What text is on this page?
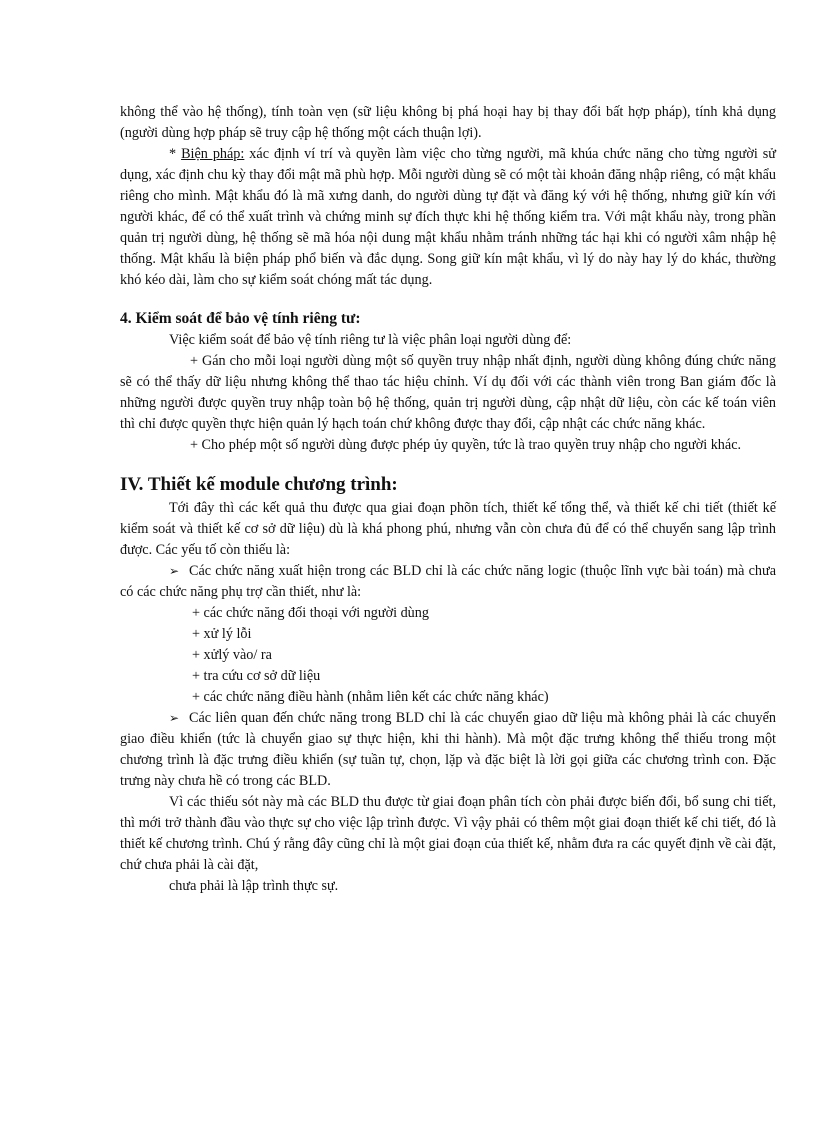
không thể vào hệ thống), tính toàn vẹn (sữ liệu không bị phá hoại hay bị thay đổi bất hợp pháp), tính khả dụng (người dùng hợp pháp sẽ truy cập hệ thống một cách thuận lợi).

* Biện pháp: xác định ví trí và quyền làm việc cho từng người, mã khúa chức năng cho từng người sử dụng, xác định chu kỳ thay đổi mật mã phù hợp. Mỗi người dùng sẽ có một tài khoản đăng nhập riêng, có mật khẩu riêng cho mình. Mật khẩu đó là mã xưng danh, do người dùng tự đặt và đăng ký với hệ thống, nhưng giữ kín với người khác, để có thể xuất trình và chứng minh sự đích thực khi hệ thống kiểm tra. Với mật khẩu này, trong phần quản trị người dùng, hệ thống sẽ mã hóa nội dung mật khẩu nhằm tránh những tác hại khi có người xâm nhập hệ thống. Mật khẩu là biện pháp phổ biến và đắc dụng. Song giữ kín mật khẩu, vì lý do này hay lý do khác, thường khó kéo dài, làm cho sự kiểm soát chóng mất tác dụng.

4. Kiểm soát để bảo vệ tính riêng tư:

Việc kiểm soát để bảo vệ tính riêng tư là việc phân loại người dùng để:

+ Gán cho mỗi loại người dùng một số quyền truy nhập nhất định, người dùng không đúng chức năng sẽ có thể thấy dữ liệu nhưng không thể thao tác hiệu chỉnh. Ví dụ đối với các thành viên trong Ban giám đốc là những người được quyền truy nhập toàn bộ hệ thống, quản trị người dùng, cập nhật dữ liệu, còn các kế toán viên thì chỉ được quyền thực hiện quản lý hạch toán chứ không được thay đổi, cập nhật các chức năng khác.

+ Cho phép một số người dùng được phép ủy quyền, tức là trao quyền truy nhập cho người khác.

IV. Thiết kế module chương trình:

Tới đây thì các kết quả thu được qua giai đoạn phõn tích, thiết kế tổng thể, và thiết kế chi tiết (thiết kế kiểm soát và thiết kế cơ sở dữ liệu) dù là khá phong phú, nhưng vẫn còn chưa đủ để có thể chuyển sang lập trình được. Các yếu tố còn thiếu là:

➢ Các chức năng xuất hiện trong các BLD chỉ là các chức năng logic (thuộc lĩnh vực bài toán) mà chưa có các chức năng phụ trợ cần thiết, như là:

+ các chức năng đối thoại với người dùng

+ xử lý lỗi

+ xửlý vào/ ra

+ tra cứu cơ sở dữ liệu

+ các chức năng điều hành (nhằm liên kết các chức năng khác)

➢ Các liên quan đến chức năng trong BLD chỉ là các chuyển giao dữ liệu mà không phải là các chuyển giao điều khiển (tức là chuyển giao sự thực hiện, khi thi hành). Mà một đặc trưng không thể thiếu trong một chương trình là đặc trưng điều khiển (sự tuần tự, chọn, lặp và đặc biệt là lời gọi giữa các chương trình con. Đặc trưng này chưa hề có trong các BLD.

Vì các thiếu sót này mà các BLD thu được từ giai đoạn phân tích còn phải được biến đổi, bổ sung chi tiết, thì mới trở thành đầu vào thực sự cho việc lập trình được. Vì vậy phải có thêm một giai đoạn thiết kế chi tiết, đó là thiết kế chương trình. Chú ý rằng đây cũng chỉ là một giai đoạn của thiết kế, nhằm đưa ra các quyết định về cài đặt, chứ chưa phải là cài đặt,
chưa phải là lập trình thực sự.
